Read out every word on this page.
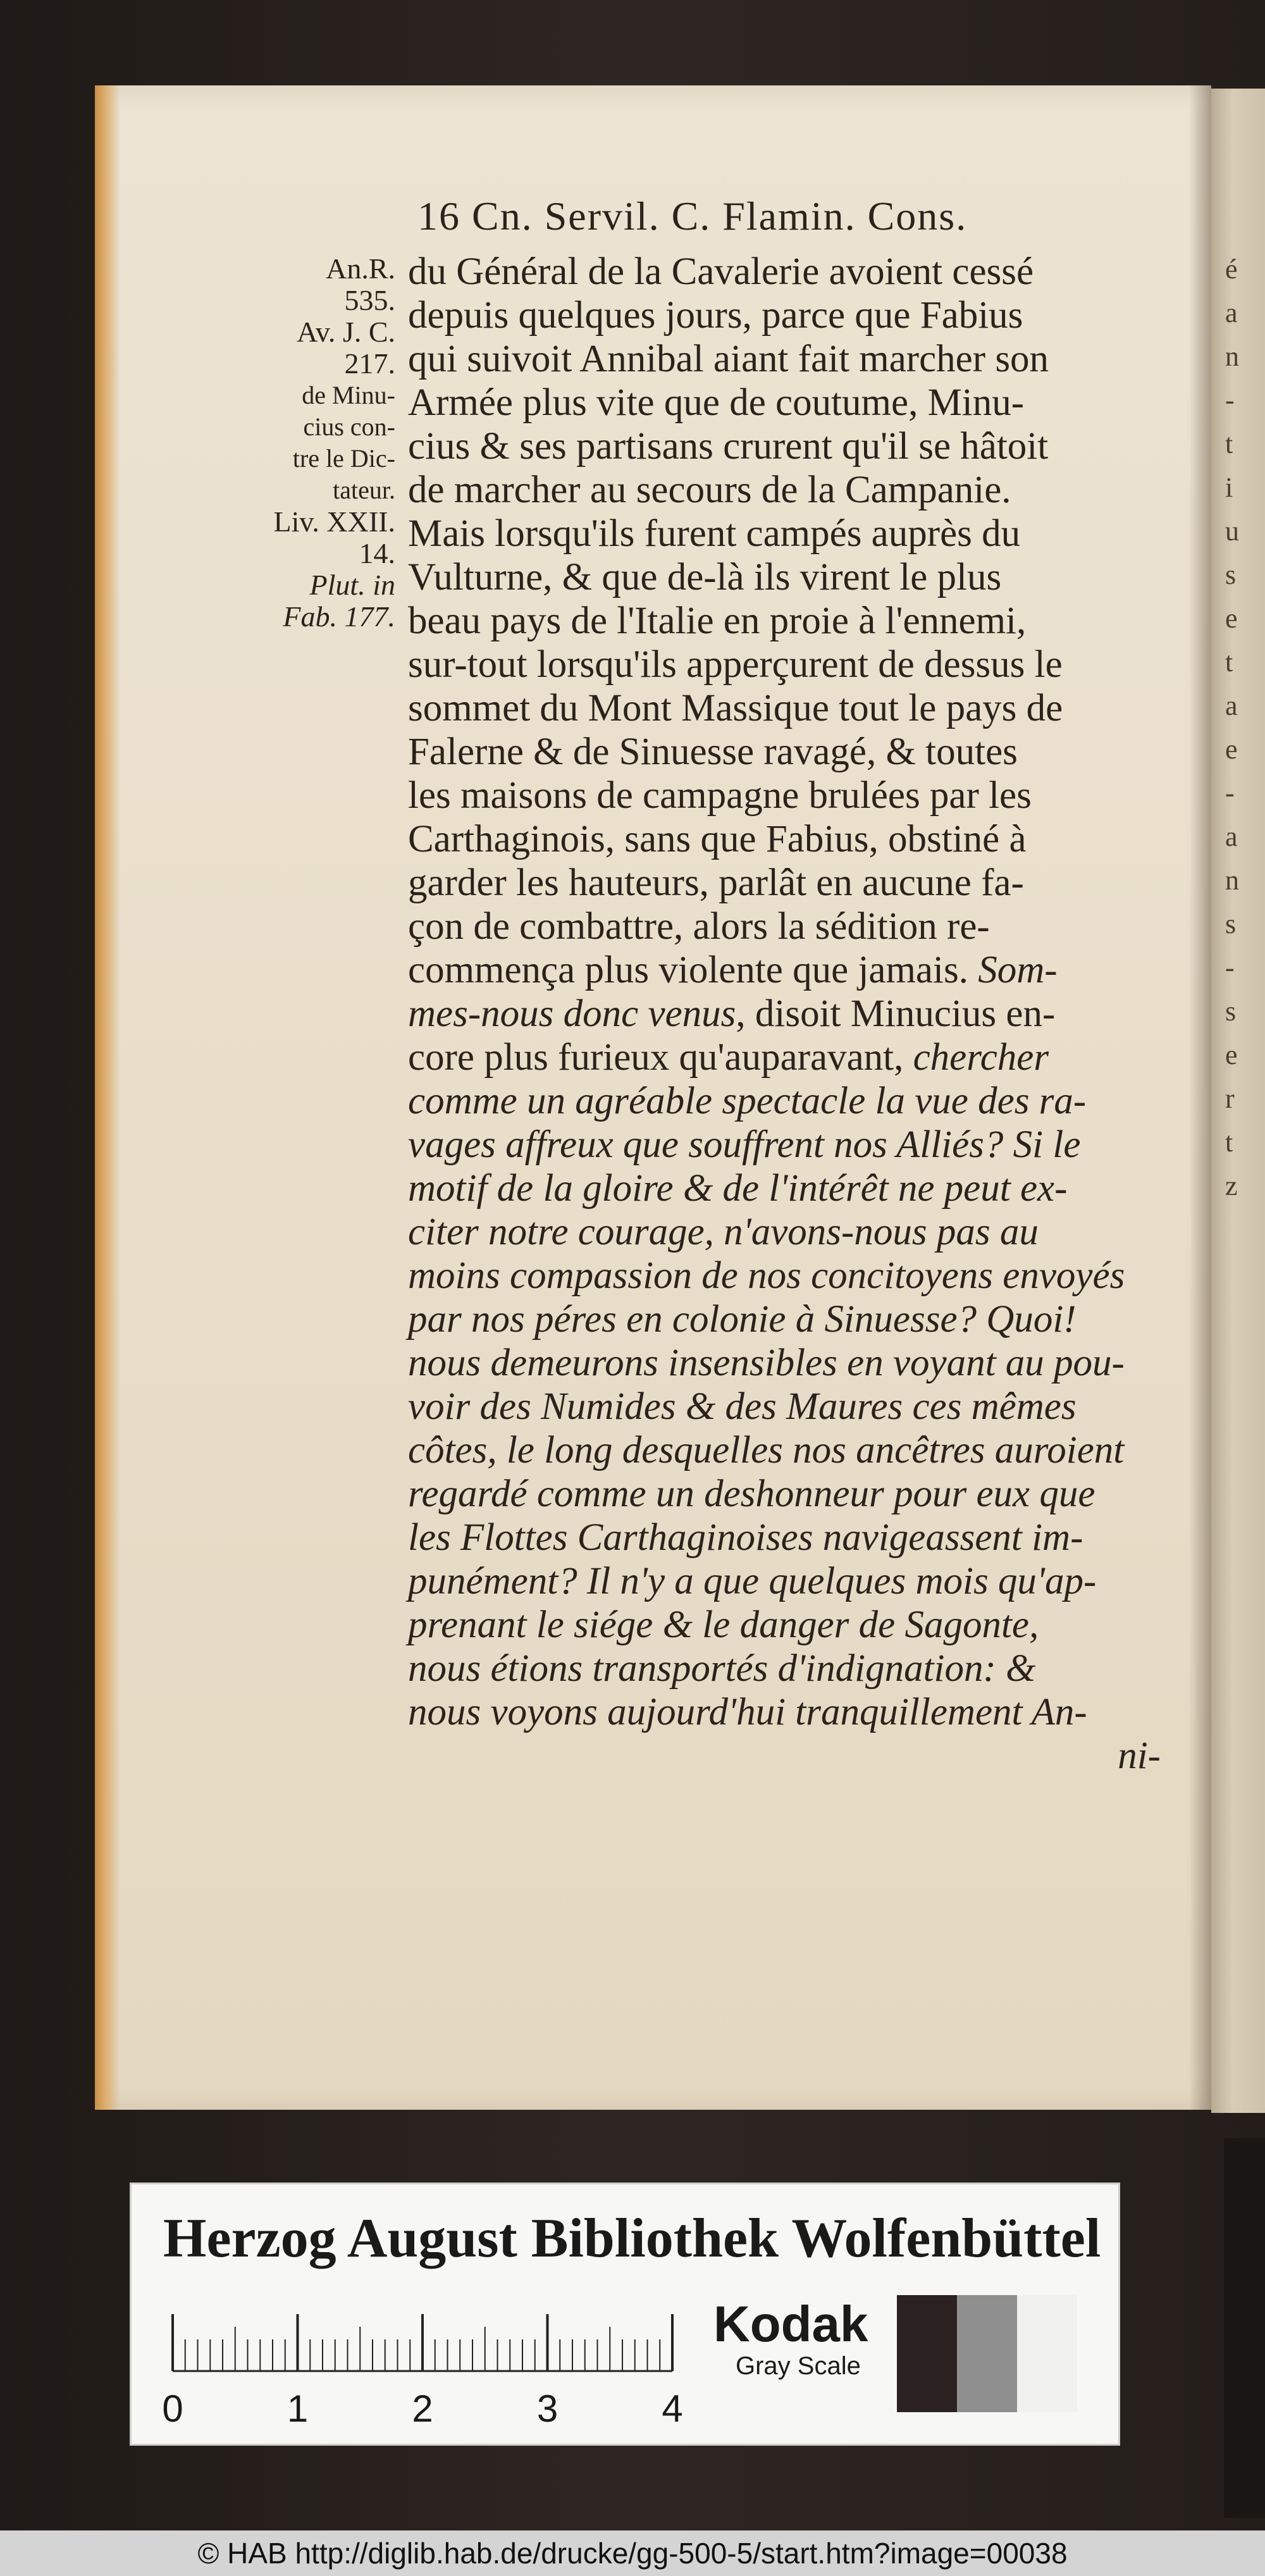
é
a
n
-
t
i
u
s
e
t
a
e
-
a
n
s
-
s
e
r
t
z
16 Cn. Servil. C. Flamin. Cons.
An.R.
535.
Av. J. C.
217.
de Minu-
cius con-
tre le Dic-
tateur.
Liv. XXII.
14.
Plut. in
Fab. 177.
du Général de la Cavalerie avoient cessé
depuis quelques jours, parce que Fabius
qui suivoit Annibal aiant fait marcher son
Armée plus vite que de coutume, Minu-
cius & ses partisans crurent qu'il se hâtoit
de marcher au secours de la Campanie.
Mais lorsqu'ils furent campés auprès du
Vulturne, & que de-là ils virent le plus
beau pays de l'Italie en proie à l'ennemi,
sur-tout lorsqu'ils apperçurent de dessus le
sommet du Mont Massique tout le pays de
Falerne & de Sinuesse ravagé, & toutes
les maisons de campagne brulées par les
Carthaginois, sans que Fabius, obstiné à
garder les hauteurs, parlât en aucune fa-
çon de combattre, alors la sédition re-
commença plus violente que jamais. Som-
mes-nous donc venus, disoit Minucius en-
core plus furieux qu'auparavant, chercher
comme un agréable spectacle la vue des ra-
vages affreux que souffrent nos Alliés? Si le
motif de la gloire & de l'intérêt ne peut ex-
citer notre courage, n'avons-nous pas au
moins compassion de nos concitoyens envoyés
par nos péres en colonie à Sinuesse? Quoi!
nous demeurons insensibles en voyant au pou-
voir des Numides & des Maures ces mêmes
côtes, le long desquelles nos ancêtres auroient
regardé comme un deshonneur pour eux que
les Flottes Carthaginoises navigeassent im-
punément? Il n'y a que quelques mois qu'ap-
prenant le siége & le danger de Sagonte,
nous étions transportés d'indignation: &
nous voyons aujourd'hui tranquillement An-
ni-
Herzog August Bibliothek Wolfenbüttel
0	1	2	3	4
Kodak
Gray Scale
© HAB http://diglib.hab.de/drucke/gg-500-5/start.htm?image=00038
